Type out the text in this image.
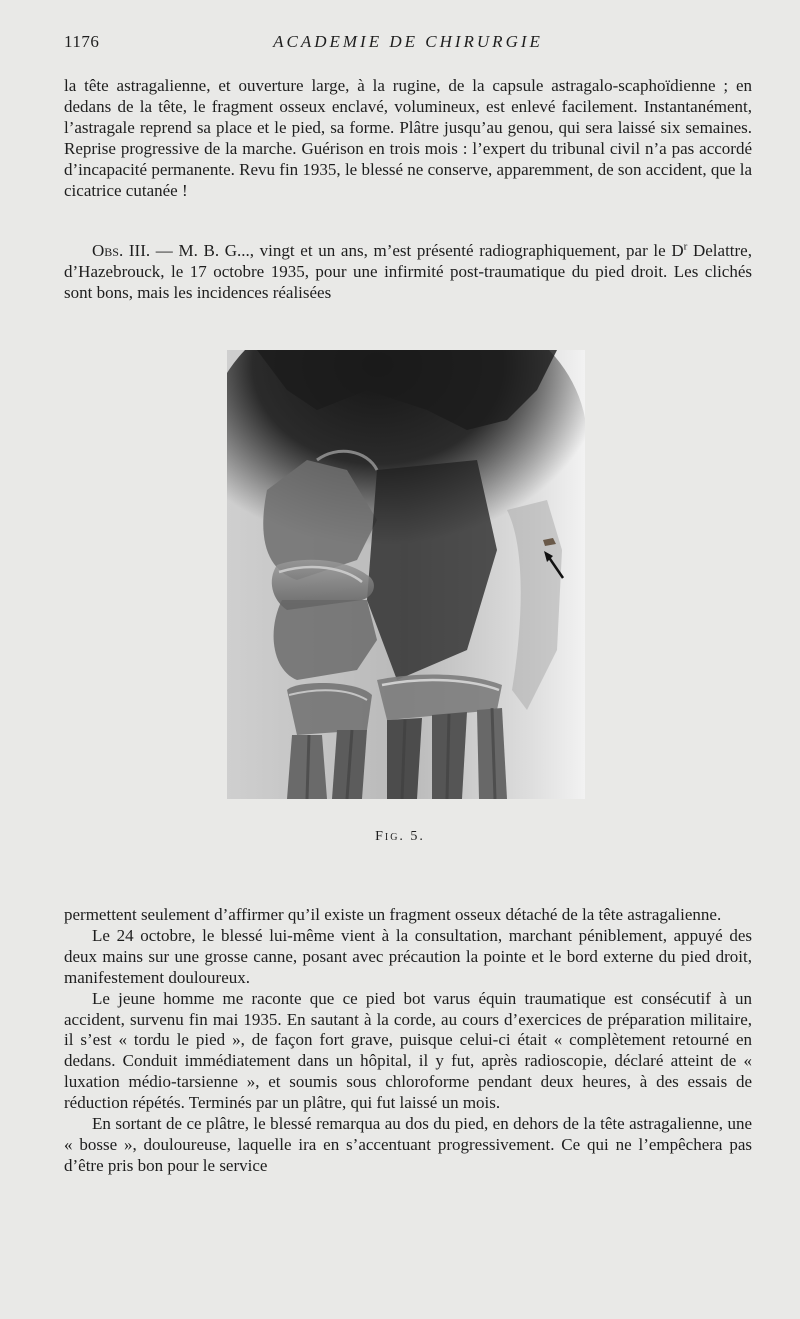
1176	ACADEMIE DE CHIRURGIE

la tête astragalienne, et ouverture large, à la rugine, de la capsule astragalo-scaphoïdienne ; en dedans de la tête, le fragment osseux enclavé, volumineux, est enlevé facilement. Instantanément, l’astragale reprend sa place et le pied, sa forme. Plâtre jusqu’au genou, qui sera laissé six semaines. Reprise progressive de la marche. Guérison en trois mois : l’expert du tribunal civil n’a pas accordé d’incapacité permanente. Revu fin 1935, le blessé ne conserve, apparemment, de son accident, que la cicatrice cutanée !

Obs. III. — M. B. G..., vingt et un ans, m’est présenté radiographiquement, par le $D^r$ Delattre, d’Hazebrouck, le 17 octobre 1935, pour une infirmité post-traumatique du pied droit. Les clichés sont bons, mais les incidences réalisées

Fig. 5.

permettent seulement d’affirmer qu’il existe un fragment osseux détaché de la tête astragalienne.

Le 24 octobre, le blessé lui-même vient à la consultation, marchant péniblement, appuyé des deux mains sur une grosse canne, posant avec précaution la pointe et le bord externe du pied droit, manifestement douloureux.

Le jeune homme me raconte que ce pied bot varus équin traumatique est consécutif à un accident, survenu fin mai 1935. En sautant à la corde, au cours d’exercices de préparation militaire, il s’est « tordu le pied », de façon fort grave, puisque celui-ci était « complètement retourné en dedans. Conduit immédiatement dans un hôpital, il y fut, après radioscopie, déclaré atteint de « luxation médio-tarsienne », et soumis sous chloroforme pendant deux heures, à des essais de réduction répétés. Terminés par un plâtre, qui fut laissé un mois.

En sortant de ce plâtre, le blessé remarqua au dos du pied, en dehors de la tête astragalienne, une « bosse », douloureuse, laquelle ira en s’accentuant progressivement. Ce qui ne l’empêchera pas d’être pris bon pour le service
